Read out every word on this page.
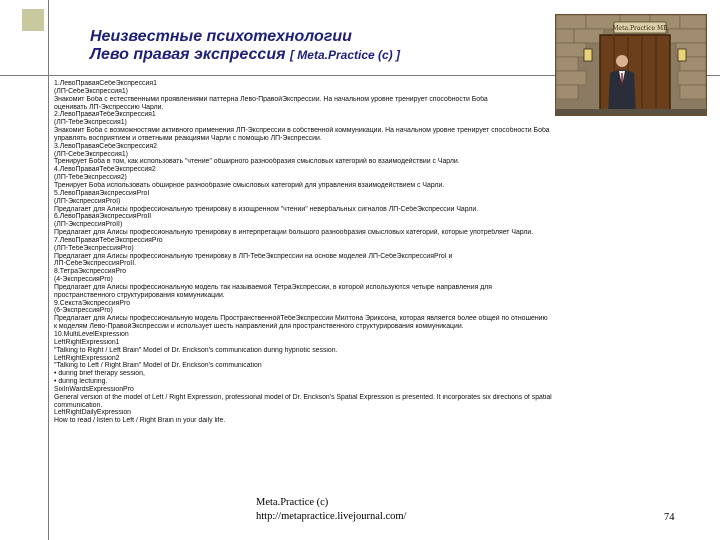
Неизвестные психотехнологии
Лево правая экспрессия [ Meta.Practice (c) ]
Meta.Practice MR
1.ЛевоПраваяСебеЭкспрессия1
(ЛП-СебеЭкспрессия1)
Знакомит Боба с естественными проявлениями паттерна Лево-ПравойЭкспрессии. На начальном уровне тренирует способности Боба
оценивать ЛП-Экспрессию Чарли.
2.ЛевоПраваяТебеЭкспрессия1
(ЛП-ТебеЭкспрессия1)
Знакомит Боба с возможностями активного применения ЛП-Экспрессии в собственной коммуникации. На начальном уровне тренирует способности Боба
управлять восприятием и ответными реакциями Чарли с помощью ЛП-Экспрессии.
3.ЛевоПраваяСебеЭкспрессия2
(ЛП-СебеЭкспрессия1)
Тренирует Боба в том, как использовать "чтение" обширного разнообразия смысловых категорий во взаимодействии с Чарли.
4.ЛевоПраваяТебеЭкспрессия2
(ЛП-ТебеЭкспрессия2)
Тренирует Боба использовать обширное разнообразие смысловых категорий для управления взаимодействием с Чарли.
5.ЛевоПраваяЭкспрессияProI
(ЛП-ЭкспрессияProI)
Предлагает для Алисы профессиональную тренировку в изощренном "чтении" невербальных сигналов ЛП-СебеЭкспрессии Чарли.
6.ЛевоПраваяЭкспрессияProII
(ЛП-ЭкспрессияProII)
Предлагает для Алисы профессиональную тренировку в интерпретации большого разнообразия смысловых категорий, которые употребляет Чарли.
7.ЛевоПраваяТебеЭкспрессияPro
(ЛП-ТебеЭкспрессияPro)
Предлагает для Алисы профессиональную тренировку в ЛП-ТебеЭкспрессии на основе моделей ЛП-СебеЭкспрессияProI и
ЛП-СебеЭкспрессияProII.
8.ТетраЭкспрессияPro
(4-ЭкспрессияPro)
Предлагает для Алисы профессиональную модель так называемой ТетраЭкспрессии, в которой используются четыре направления для
пространственного структурирования коммуникации.
9.СекстаЭкспрессияPro
(6-ЭкспрессияPro)
Предлагает для Алисы профессиональную модель ПространственнойТебеЭкспрессии Милтона Эриксона, которая является более общей по отношению
к моделям Лево-ПравойЭкспрессии и использует шесть направлений для пространственного структурирования коммуникации.
10.MultiLevelExpression
LeftRightExpression1
"Talking to Right / Left Brain" Model of Dr. Erickson's communication during hypnotic session.
LeftRightExpression2
"Talking to Left / Right Brain" Model of Dr. Erickson's communication
• during brief therapy session,
• during lecturing.
SixInWardsExpressionPro
General version of the model of Left / Right Expression, professional model of Dr. Erickson's Spatial Expression is presented. It incorporates six directions of spatial
communication.
LeftRightDailyExpression
How to read / listen to Left / Right Brain in your daily life.
Meta.Practice (c)
http://metapractice.livejournal.com/	74
